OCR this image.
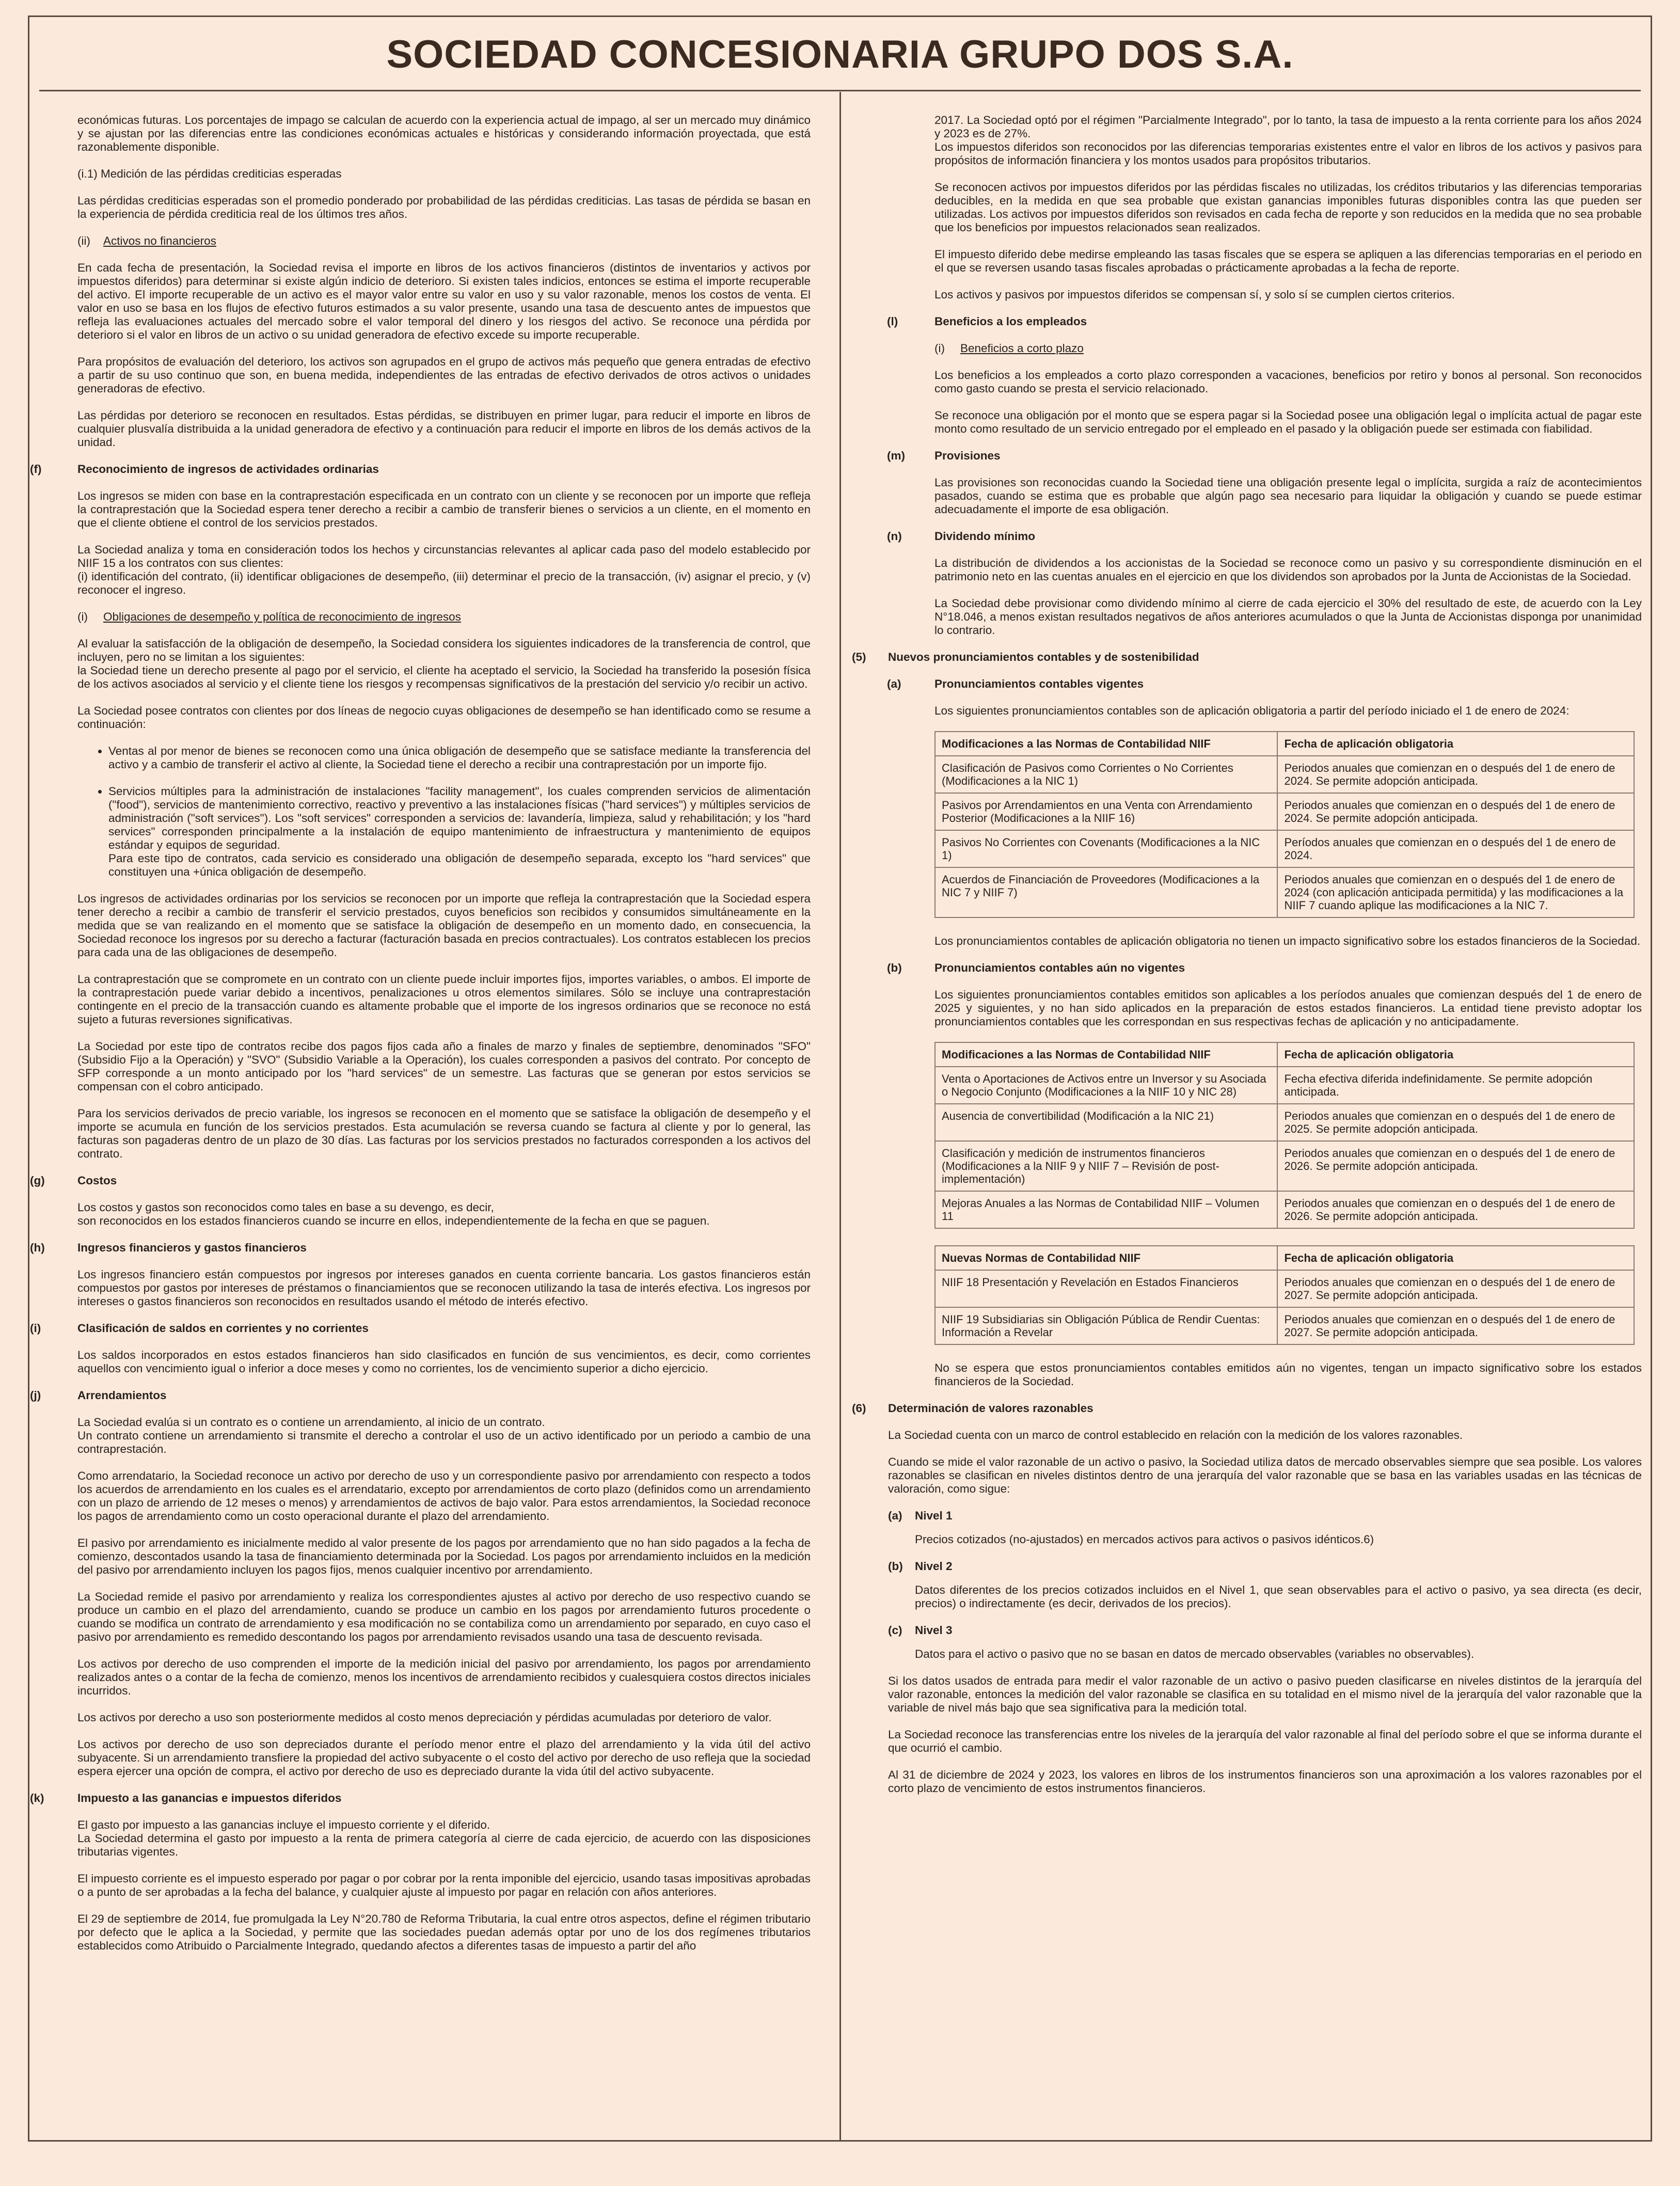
SOCIEDAD CONCESIONARIA GRUPO DOS S.A.

económicas futuras. Los porcentajes de impago se calculan de acuerdo con la experiencia actual de impago, al ser un mercado muy dinámico y se ajustan por las diferencias entre las condiciones económicas actuales e históricas y considerando información proyectada, que está razonablemente disponible.

(i.1) Medición de las pérdidas crediticias esperadas

Las pérdidas crediticias esperadas son el promedio ponderado por probabilidad de las pérdidas crediticias. Las tasas de pérdida se basan en la experiencia de pérdida crediticia real de los últimos tres años.

(ii) Activos no financieros

En cada fecha de presentación, la Sociedad revisa el importe en libros de los activos financieros (distintos de inventarios y activos por impuestos diferidos) para determinar si existe algún indicio de deterioro. Si existen tales indicios, entonces se estima el importe recuperable del activo. El importe recuperable de un activo es el mayor valor entre su valor en uso y su valor razonable, menos los costos de venta. El valor en uso se basa en los flujos de efectivo futuros estimados a su valor presente, usando una tasa de descuento antes de impuestos que refleja las evaluaciones actuales del mercado sobre el valor temporal del dinero y los riesgos del activo. Se reconoce una pérdida por deterioro si el valor en libros de un activo o su unidad generadora de efectivo excede su importe recuperable.

Para propósitos de evaluación del deterioro, los activos son agrupados en el grupo de activos más pequeño que genera entradas de efectivo a partir de su uso continuo que son, en buena medida, independientes de las entradas de efectivo derivados de otros activos o unidades generadoras de efectivo.

Las pérdidas por deterioro se reconocen en resultados. Estas pérdidas, se distribuyen en primer lugar, para reducir el importe en libros de cualquier plusvalía distribuida a la unidad generadora de efectivo y a continuación para reducir el importe en libros de los demás activos de la unidad.

(f)	Reconocimiento de ingresos de actividades ordinarias

Los ingresos se miden con base en la contraprestación especificada en un contrato con un cliente y se reconocen por un importe que refleja la contraprestación que la Sociedad espera tener derecho a recibir a cambio de transferir bienes o servicios a un cliente, en el momento en que el cliente obtiene el control de los servicios prestados.

La Sociedad analiza y toma en consideración todos los hechos y circunstancias relevantes al aplicar cada paso del modelo establecido por NIIF 15 a los contratos con sus clientes:
(i) identificación del contrato, (ii) identificar obligaciones de desempeño, (iii) determinar el precio de la transacción, (iv) asignar el precio, y (v) reconocer el ingreso.

(i) Obligaciones de desempeño y política de reconocimiento de ingresos

Al evaluar la satisfacción de la obligación de desempeño, la Sociedad considera los siguientes indicadores de la transferencia de control, que incluyen, pero no se limitan a los siguientes:
la Sociedad tiene un derecho presente al pago por el servicio, el cliente ha aceptado el servicio, la Sociedad ha transferido la posesión física de los activos asociados al servicio y el cliente tiene los riesgos y recompensas significativos de la prestación del servicio y/o recibir un activo.

La Sociedad posee contratos con clientes por dos líneas de negocio cuyas obligaciones de desempeño se han identificado como se resume a continuación:

• Ventas al por menor de bienes se reconocen como una única obligación de desempeño que se satisface mediante la transferencia del activo y a cambio de transferir el activo al cliente, la Sociedad tiene el derecho a recibir una contraprestación por un importe fijo.
• Servicios múltiples para la administración de instalaciones "facility management", los cuales comprenden servicios de alimentación ("food"), servicios de mantenimiento correctivo, reactivo y preventivo a las instalaciones físicas ("hard services") y múltiples servicios de administración ("soft services"). Los "soft services" corresponden a servicios de: lavandería, limpieza, salud y rehabilitación; y los "hard services" corresponden principalmente a la instalación de equipo mantenimiento de infraestructura y mantenimiento de equipos estándar y equipos de seguridad.
Para este tipo de contratos, cada servicio es considerado una obligación de desempeño separada, excepto los "hard services" que constituyen una +única obligación de desempeño.

Los ingresos de actividades ordinarias por los servicios se reconocen por un importe que refleja la contraprestación que la Sociedad espera tener derecho a recibir a cambio de transferir el servicio prestados, cuyos beneficios son recibidos y consumidos simultáneamente en la medida que se van realizando en el momento que se satisface la obligación de desempeño en un momento dado, en consecuencia, la Sociedad reconoce los ingresos por su derecho a facturar (facturación basada en precios contractuales). Los contratos establecen los precios para cada una de las obligaciones de desempeño.

La contraprestación que se compromete en un contrato con un cliente puede incluir importes fijos, importes variables, o ambos. El importe de la contraprestación puede variar debido a incentivos, penalizaciones u otros elementos similares. Sólo se incluye una contraprestación contingente en el precio de la transacción cuando es altamente probable que el importe de los ingresos ordinarios que se reconoce no está sujeto a futuras reversiones significativas.

La Sociedad por este tipo de contratos recibe dos pagos fijos cada año a finales de marzo y finales de septiembre, denominados "SFO" (Subsidio Fijo a la Operación) y "SVO" (Subsidio Variable a la Operación), los cuales corresponden a pasivos del contrato. Por concepto de SFP corresponde a un monto anticipado por los "hard services" de un semestre. Las facturas que se generan por estos servicios se compensan con el cobro anticipado.

Para los servicios derivados de precio variable, los ingresos se reconocen en el momento que se satisface la obligación de desempeño y el importe se acumula en función de los servicios prestados. Esta acumulación se reversa cuando se factura al cliente y por lo general, las facturas son pagaderas dentro de un plazo de 30 días. Las facturas por los servicios prestados no facturados corresponden a los activos del contrato.

(g)	Costos

Los costos y gastos son reconocidos como tales en base a su devengo, es decir,
son reconocidos en los estados financieros cuando se incurre en ellos, independientemente de la fecha en que se paguen.

(h)	Ingresos financieros y gastos financieros

Los ingresos financiero están compuestos por ingresos por intereses ganados en cuenta corriente bancaria. Los gastos financieros están compuestos por gastos por intereses de préstamos o financiamientos que se reconocen utilizando la tasa de interés efectiva. Los ingresos por intereses o gastos financieros son reconocidos en resultados usando el método de interés efectivo.

(i)	Clasificación de saldos en corrientes y no corrientes

Los saldos incorporados en estos estados financieros han sido clasificados en función de sus vencimientos, es decir, como corrientes aquellos con vencimiento igual o inferior a doce meses y como no corrientes, los de vencimiento superior a dicho ejercicio.

(j)	Arrendamientos

La Sociedad evalúa si un contrato es o contiene un arrendamiento, al inicio de un contrato.
Un contrato contiene un arrendamiento si transmite el derecho a controlar el uso de un activo identificado por un periodo a cambio de una contraprestación.

Como arrendatario, la Sociedad reconoce un activo por derecho de uso y un correspondiente pasivo por arrendamiento con respecto a todos los acuerdos de arrendamiento en los cuales es el arrendatario, excepto por arrendamientos de corto plazo (definidos como un arrendamiento con un plazo de arriendo de 12 meses o menos) y arrendamientos de activos de bajo valor. Para estos arrendamientos, la Sociedad reconoce los pagos de arrendamiento como un costo operacional durante el plazo del arrendamiento.

El pasivo por arrendamiento es inicialmente medido al valor presente de los pagos por arrendamiento que no han sido pagados a la fecha de comienzo, descontados usando la tasa de financiamiento determinada por la Sociedad. Los pagos por arrendamiento incluidos en la medición del pasivo por arrendamiento incluyen los pagos fijos, menos cualquier incentivo por arrendamiento.

La Sociedad remide el pasivo por arrendamiento y realiza los correspondientes ajustes al activo por derecho de uso respectivo cuando se produce un cambio en el plazo del arrendamiento, cuando se produce un cambio en los pagos por arrendamiento futuros procedente o cuando se modifica un contrato de arrendamiento y esa modificación no se contabiliza como un arrendamiento por separado, en cuyo caso el pasivo por arrendamiento es remedido descontando los pagos por arrendamiento revisados usando una tasa de descuento revisada.

Los activos por derecho de uso comprenden el importe de la medición inicial del pasivo por arrendamiento, los pagos por arrendamiento realizados antes o a contar de la fecha de comienzo, menos los incentivos de arrendamiento recibidos y cualesquiera costos directos iniciales incurridos.

Los activos por derecho a uso son posteriormente medidos al costo menos depreciación y pérdidas acumuladas por deterioro de valor.

Los activos por derecho de uso son depreciados durante el período menor entre el plazo del arrendamiento y la vida útil del activo subyacente. Si un arrendamiento transfiere la propiedad del activo subyacente o el costo del activo por derecho de uso refleja que la sociedad espera ejercer una opción de compra, el activo por derecho de uso es depreciado durante la vida útil del activo subyacente.

(k)	Impuesto a las ganancias e impuestos diferidos

El gasto por impuesto a las ganancias incluye el impuesto corriente y el diferido.
La Sociedad determina el gasto por impuesto a la renta de primera categoría al cierre de cada ejercicio, de acuerdo con las disposiciones tributarias vigentes.

El impuesto corriente es el impuesto esperado por pagar o por cobrar por la renta imponible del ejercicio, usando tasas impositivas aprobadas o a punto de ser aprobadas a la fecha del balance, y cualquier ajuste al impuesto por pagar en relación con años anteriores.

El 29 de septiembre de 2014, fue promulgada la Ley N°20.780 de Reforma Tributaria, la cual entre otros aspectos, define el régimen tributario por defecto que le aplica a la Sociedad, y permite que las sociedades puedan además optar por uno de los dos regímenes tributarios establecidos como Atribuido o Parcialmente Integrado, quedando afectos a diferentes tasas de impuesto a partir del año

2017. La Sociedad optó por el régimen "Parcialmente Integrado", por lo tanto, la tasa de impuesto a la renta corriente para los años 2024 y 2023 es de 27%.
Los impuestos diferidos son reconocidos por las diferencias temporarias existentes entre el valor en libros de los activos y pasivos para propósitos de información financiera y los montos usados para propósitos tributarios.

Se reconocen activos por impuestos diferidos por las pérdidas fiscales no utilizadas, los créditos tributarios y las diferencias temporarias deducibles, en la medida en que sea probable que existan ganancias imponibles futuras disponibles contra las que pueden ser utilizadas. Los activos por impuestos diferidos son revisados en cada fecha de reporte y son reducidos en la medida que no sea probable que los beneficios por impuestos relacionados sean realizados.

El impuesto diferido debe medirse empleando las tasas fiscales que se espera se apliquen a las diferencias temporarias en el periodo en el que se reversen usando tasas fiscales aprobadas o prácticamente aprobadas a la fecha de reporte.

Los activos y pasivos por impuestos diferidos se compensan sí, y solo sí se cumplen ciertos criterios.

(l)	Beneficios a los empleados
(i) Beneficios a corto plazo

Los beneficios a los empleados a corto plazo corresponden a vacaciones, beneficios por retiro y bonos al personal. Son reconocidos como gasto cuando se presta el servicio relacionado.

Se reconoce una obligación por el monto que se espera pagar si la Sociedad posee una obligación legal o implícita actual de pagar este monto como resultado de un servicio entregado por el empleado en el pasado y la obligación puede ser estimada con fiabilidad.

(m)	Provisiones

Las provisiones son reconocidas cuando la Sociedad tiene una obligación presente legal o implícita, surgida a raíz de acontecimientos pasados, cuando se estima que es probable que algún pago sea necesario para liquidar la obligación y cuando se puede estimar adecuadamente el importe de esa obligación.

(n)	Dividendo mínimo

La distribución de dividendos a los accionistas de la Sociedad se reconoce como un pasivo y su correspondiente disminución en el patrimonio neto en las cuentas anuales en el ejercicio en que los dividendos son aprobados por la Junta de Accionistas de la Sociedad.

La Sociedad debe provisionar como dividendo mínimo al cierre de cada ejercicio el 30% del resultado de este, de acuerdo con la Ley N°18.046, a menos existan resultados negativos de años anteriores acumulados o que la Junta de Accionistas disponga por unanimidad lo contrario.

(5) Nuevos pronunciamientos contables y de sostenibilidad
(a)	Pronunciamientos contables vigentes

Los siguientes pronunciamientos contables son de aplicación obligatoria a partir del período iniciado el 1 de enero de 2024:

Modificaciones a las Normas de Contabilidad NIIF	Fecha de aplicación obligatoria
Clasificación de Pasivos como Corrientes o No Corrientes (Modificaciones a la NIC 1)	Periodos anuales que comienzan en o después del 1 de enero de 2024. Se permite adopción anticipada.
Pasivos por Arrendamientos en una Venta con Arrendamiento Posterior (Modificaciones a la NIIF 16)	Periodos anuales que comienzan en o después del 1 de enero de 2024. Se permite adopción anticipada.
Pasivos No Corrientes con Covenants (Modificaciones a la NIC 1)	Períodos anuales que comienzan en o después del 1 de enero de 2024.
Acuerdos de Financiación de Proveedores (Modificaciones a la NIC 7 y NIIF 7)	Periodos anuales que comienzan en o después del 1 de enero de 2024 (con aplicación anticipada permitida) y las modificaciones a la NIIF 7 cuando aplique las modificaciones a la NIC 7.

Los pronunciamientos contables de aplicación obligatoria no tienen un impacto significativo sobre los estados financieros de la Sociedad.

(b)	Pronunciamientos contables aún no vigentes

Los siguientes pronunciamientos contables emitidos son aplicables a los períodos anuales que comienzan después del 1 de enero de 2025 y siguientes, y no han sido aplicados en la preparación de estos estados financieros. La entidad tiene previsto adoptar los pronunciamientos contables que les correspondan en sus respectivas fechas de aplicación y no anticipadamente.

Modificaciones a las Normas de Contabilidad NIIF	Fecha de aplicación obligatoria
Venta o Aportaciones de Activos entre un Inversor y su Asociada o Negocio Conjunto (Modificaciones a la NIIF 10 y NIC 28)	Fecha efectiva diferida indefinidamente. Se permite adopción anticipada.
Ausencia de convertibilidad (Modificación a la NIC 21)	Periodos anuales que comienzan en o después del 1 de enero de 2025. Se permite adopción anticipada.
Clasificación y medición de instrumentos financieros (Modificaciones a la NIIF 9 y NIIF 7 – Revisión de post-implementación)	Periodos anuales que comienzan en o después del 1 de enero de 2026. Se permite adopción anticipada.
Mejoras Anuales a las Normas de Contabilidad NIIF – Volumen 11	Periodos anuales que comienzan en o después del 1 de enero de 2026. Se permite adopción anticipada.
Nuevas Normas de Contabilidad NIIF	Fecha de aplicación obligatoria
NIIF 18 Presentación y Revelación en Estados Financieros	Periodos anuales que comienzan en o después del 1 de enero de 2027. Se permite adopción anticipada.
NIIF 19 Subsidiarias sin Obligación Pública de Rendir Cuentas: Información a Revelar	Periodos anuales que comienzan en o después del 1 de enero de 2027. Se permite adopción anticipada.

No se espera que estos pronunciamientos contables emitidos aún no vigentes, tengan un impacto significativo sobre los estados financieros de la Sociedad.

(6) Determinación de valores razonables

La Sociedad cuenta con un marco de control establecido en relación con la medición de los valores razonables.

Cuando se mide el valor razonable de un activo o pasivo, la Sociedad utiliza datos de mercado observables siempre que sea posible. Los valores razonables se clasifican en niveles distintos dentro de una jerarquía del valor razonable que se basa en las variables usadas en las técnicas de valoración, como sigue:

(a) Nivel 1

Precios cotizados (no-ajustados) en mercados activos para activos o pasivos idénticos.6)

(b) Nivel 2

Datos diferentes de los precios cotizados incluidos en el Nivel 1, que sean observables para el activo o pasivo, ya sea directa (es decir, precios) o indirectamente (es decir, derivados de los precios).

(c) Nivel 3

Datos para el activo o pasivo que no se basan en datos de mercado observables (variables no observables).

Si los datos usados de entrada para medir el valor razonable de un activo o pasivo pueden clasificarse en niveles distintos de la jerarquía del valor razonable, entonces la medición del valor razonable se clasifica en su totalidad en el mismo nivel de la jerarquía del valor razonable que la variable de nivel más bajo que sea significativa para la medición total.

La Sociedad reconoce las transferencias entre los niveles de la jerarquía del valor razonable al final del período sobre el que se informa durante el que ocurrió el cambio.

Al 31 de diciembre de 2024 y 2023, los valores en libros de los instrumentos financieros son una aproximación a los valores razonables por el corto plazo de vencimiento de estos instrumentos financieros.
